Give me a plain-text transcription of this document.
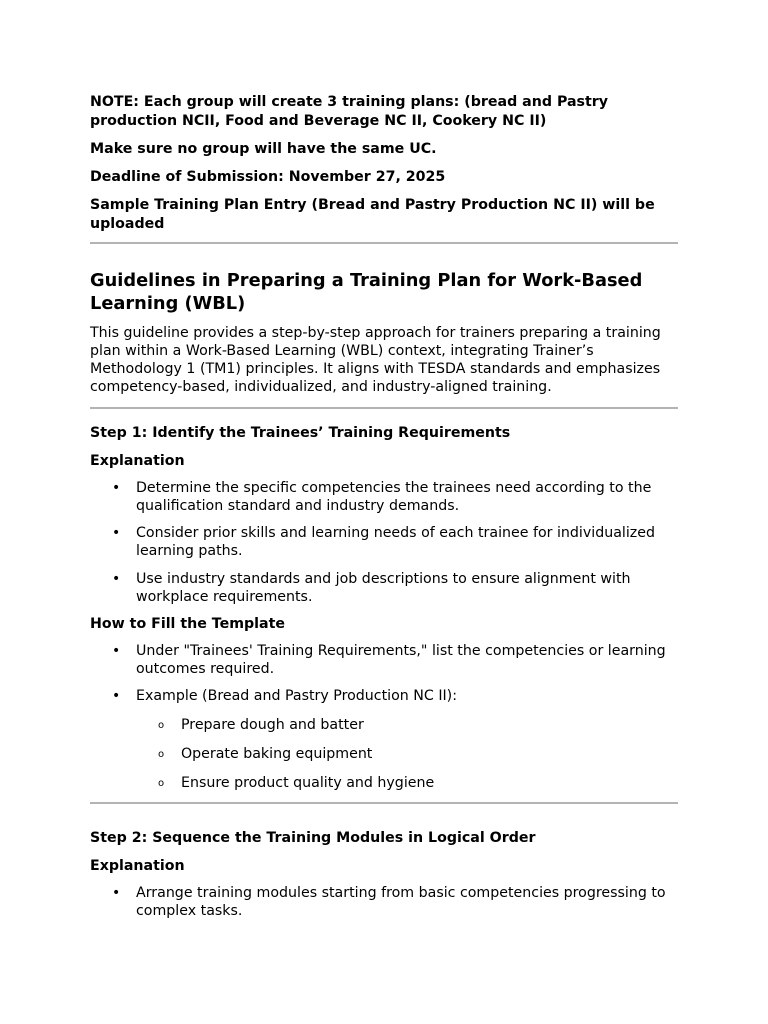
NOTE: Each group will create 3 training plans: (bread and Pastry production NCII, Food and Beverage NC II, Cookery NC II)

Make sure no group will have the same UC.

Deadline of Submission: November 27, 2025

Sample Training Plan Entry (Bread and Pastry Production NC II) will be uploaded

Guidelines in Preparing a Training Plan for Work-Based Learning (WBL)

This guideline provides a step-by-step approach for trainers preparing a training plan within a Work-Based Learning (WBL) context, integrating Trainer’s Methodology 1 (TM1) principles. It aligns with TESDA standards and emphasizes competency-based, individualized, and industry-aligned training.

Step 1: Identify the Trainees’ Training Requirements

Explanation

• Determine the specific competencies the trainees need according to the qualification standard and industry demands.
• Consider prior skills and learning needs of each trainee for individualized learning paths.
• Use industry standards and job descriptions to ensure alignment with workplace requirements.

How to Fill the Template

• Under "Trainees' Training Requirements," list the competencies or learning outcomes required.
• Example (Bread and Pastry Production NC II):
o Prepare dough and batter
o Operate baking equipment
o Ensure product quality and hygiene

Step 2: Sequence the Training Modules in Logical Order

Explanation

• Arrange training modules starting from basic competencies progressing to complex tasks.
